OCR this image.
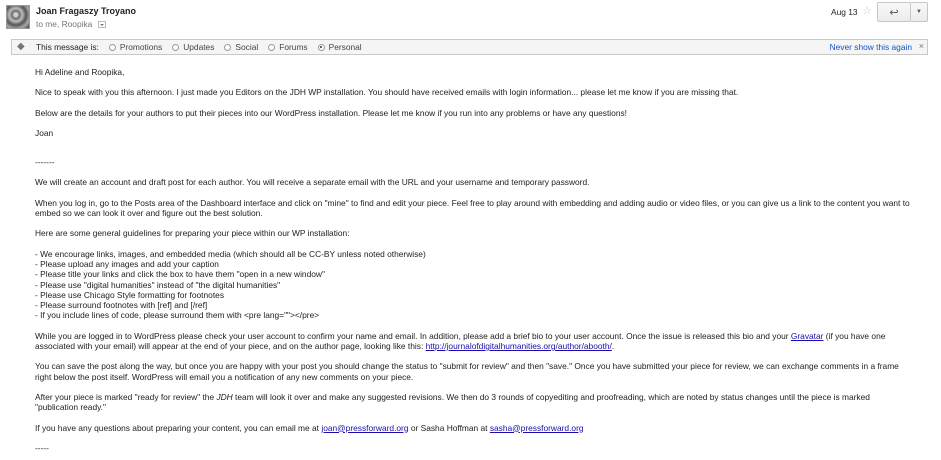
Joan Fragaszy Troyano
to me, Roopika
Aug 13 ☆ ↩	▼
◆ This message is:	Promotions	Updates	Social	Forums	Personal	Never show this again ×

Hi Adeline and Roopika,

Nice to speak with you this afternoon. I just made you Editors on the JDH WP installation. You should have received emails with login information... please let me know if you are missing that.

Below are the details for your authors to put their pieces into our WordPress installation. Please let me know if you run into any problems or have any questions!

Joan

-------

We will create an account and draft post for each author. You will receive a separate email with the URL and your username and temporary password.

When you log in, go to the Posts area of the Dashboard interface and click on "mine" to find and edit your piece. Feel free to play around with embedding and adding audio or video files, or you can give us a link to the content you want to embed so we can look it over and figure out the best solution.

Here are some general guidelines for preparing your piece within our WP installation:

- We encourage links, images, and embedded media (which should all be CC-BY unless noted otherwise)

- Please upload any images and add your caption

- Please title your links and click the box to have them "open in a new window"

- Please use "digital humanities" instead of "the digital humanities"

- Please use Chicago Style formatting for footnotes

- Please surround footnotes with [ref] and [/ref]

- If you include lines of code, please surround them with <pre lang=""></pre>

While you are logged in to WordPress please check your user account to confirm your name and email. In addition, please add a brief bio to your user account. Once the issue is released this bio and your Gravatar (if you have one associated with your email) will appear at the end of your piece, and on the author page, looking like this: http://journalofdigitalhumanities.org/author/abooth/.

You can save the post along the way, but once you are happy with your post you should change the status to "submit for review" and then "save." Once you have submitted your piece for review, we can exchange comments in a frame right below the post itself. WordPress will email you a notification of any new comments on your piece.

After your piece is marked "ready for review" the JDH team will look it over and make any suggested revisions. We then do 3 rounds of copyediting and proofreading, which are noted by status changes until the piece is marked "publication ready."

If you have any questions about preparing your content, you can email me at joan@pressforward.org or Sasha Hoffman at sasha@pressforward.org

-----
